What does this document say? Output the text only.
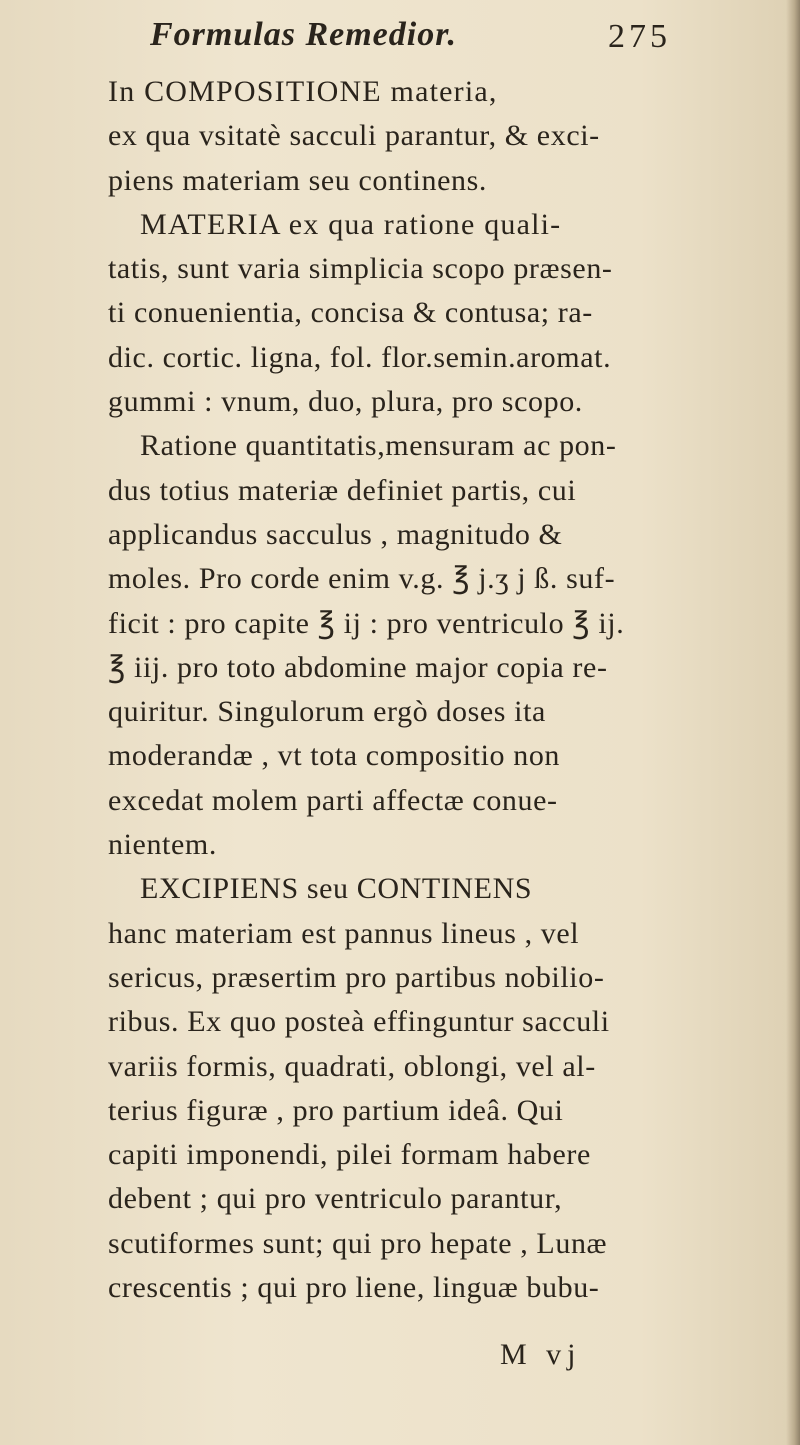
Formulas Remedior.	275
In COMPOSITIONE materia,
ex qua vsitatè sacculi parantur, & exci-
piens materiam seu continens.
MATERIA ex qua ratione quali-
tatis, sunt varia simplicia scopo præsen-
ti conuenientia, concisa & contusa; ra-
dic. cortic. ligna, fol. flor.semin.aromat.
gummi : vnum, duo, plura, pro scopo.
Ratione quantitatis,mensuram ac pon-
dus totius materiæ definiet partis, cui
applicandus sacculus , magnitudo &
moles. Pro corde enim v.g. ℥ j.ʒ j ß. suf-
ficit : pro capite ℥ ij : pro ventriculo ℥ ij.
℥ iij. pro toto abdomine major copia re-
quiritur. Singulorum ergò doses ita
moderandæ , vt tota compositio non
excedat molem parti affectæ conue-
nientem.
EXCIPIENS seu CONTINENS
hanc materiam est pannus lineus , vel
sericus, præsertim pro partibus nobilio-
ribus. Ex quo posteà effinguntur sacculi
variis formis, quadrati, oblongi, vel al-
terius figuræ , pro partium ideâ. Qui
capiti imponendi, pilei formam habere
debent ; qui pro ventriculo parantur,
scutiformes sunt; qui pro hepate , Lunæ
crescentis ; qui pro liene, linguæ bubu-
M vj
